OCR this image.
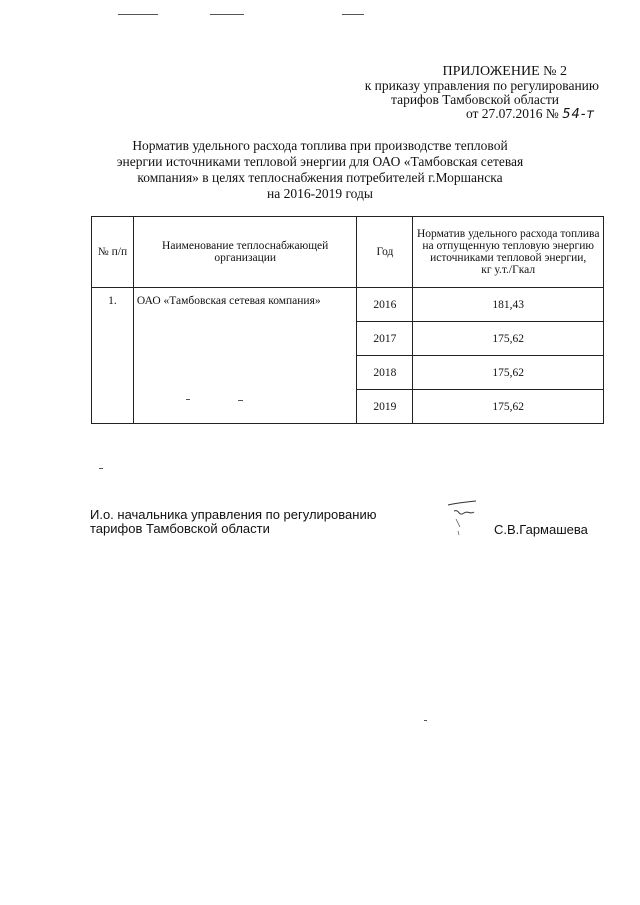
ПРИЛОЖЕНИЕ № 2
к приказу управления по регулированию
тарифов Тамбовской области
от 27.07.2016 № 54-т
Норматив удельного расхода топлива при производстве тепловой
энергии источниками тепловой энергии для ОАО «Тамбовская сетевая
компания» в целях теплоснабжения потребителей г.Моршанска
на 2016-2019 годы
№ п/п	Наименование теплоснабжающей организации	Год	Норматив удельного расхода топлива на отпущенную тепловую энергию источниками тепловой энергии,
кг у.т./Гкал

1.	ОАО «Тамбовская сетевая компания»	2016	181,43
		2017	175,62
		2018	175,62
		2019	175,62
И.о. начальника управления по регулированию
тарифов Тамбовской области	С.В.Гармашева
